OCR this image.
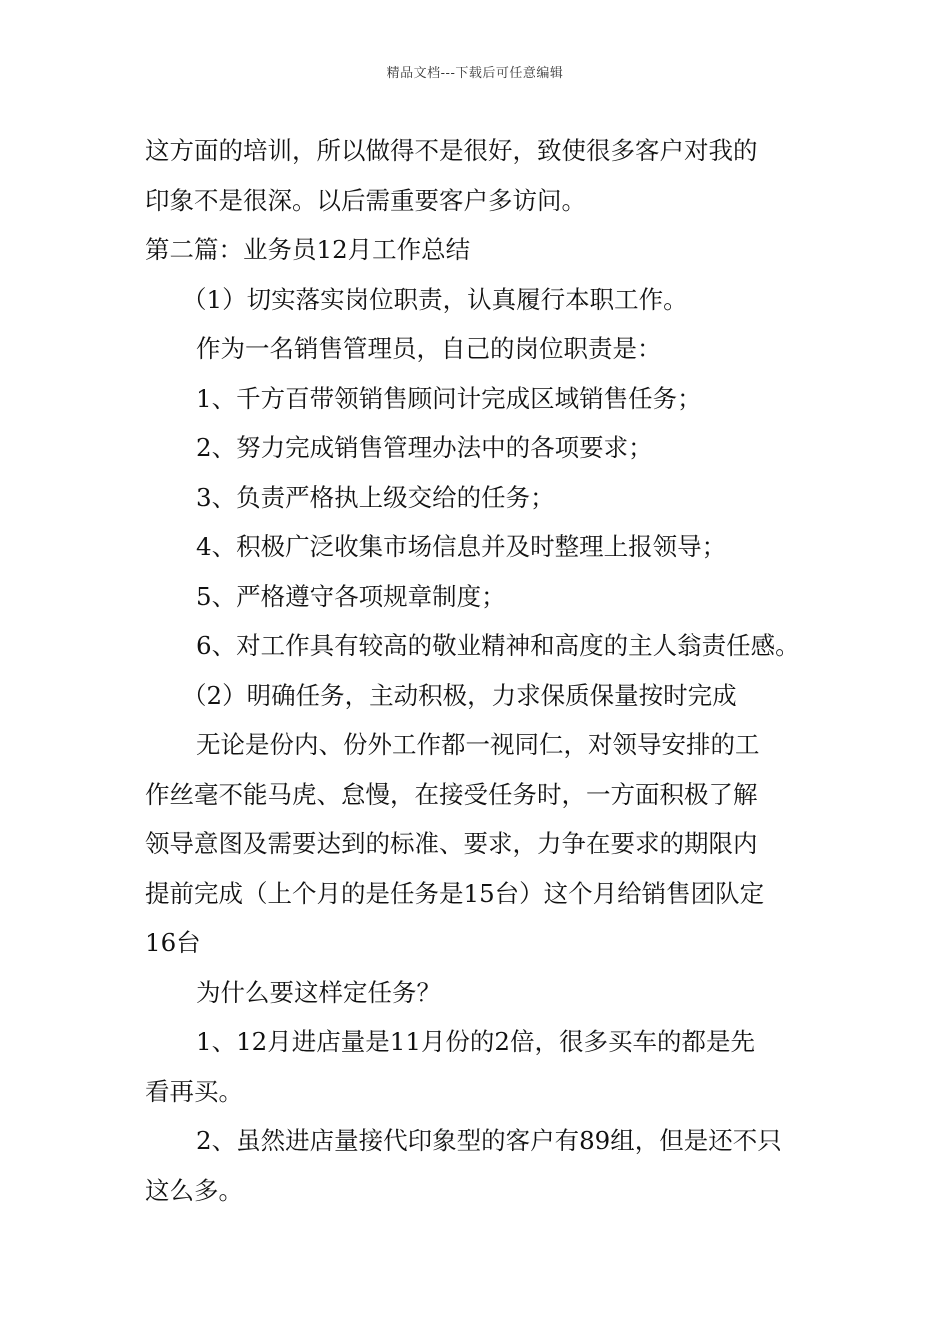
精品文档---下载后可任意编辑
这方面的培训，所以做得不是很好，致使很多客户对我的
印象不是很深。以后需重要客户多访问。
第二篇：业务员12月工作总结
（1）切实落实岗位职责，认真履行本职工作。
作为一名销售管理员，自己的岗位职责是：
1、千方百带领销售顾问计完成区域销售任务；
2、努力完成销售管理办法中的各项要求；
3、负责严格执上级交给的任务；
4、积极广泛收集市场信息并及时整理上报领导；
5、严格遵守各项规章制度；
6、对工作具有较高的敬业精神和高度的主人翁责任感。
（2）明确任务，主动积极，力求保质保量按时完成
无论是份内、份外工作都一视同仁，对领导安排的工
作丝毫不能马虎、怠慢，在接受任务时，一方面积极了解
领导意图及需要达到的标准、要求，力争在要求的期限内
提前完成（上个月的是任务是15台）这个月给销售团队定
16台
为什么要这样定任务？
1、12月进店量是11月份的2倍，很多买车的都是先
看再买。
2、虽然进店量接代印象型的客户有89组，但是还不只
这么多。
